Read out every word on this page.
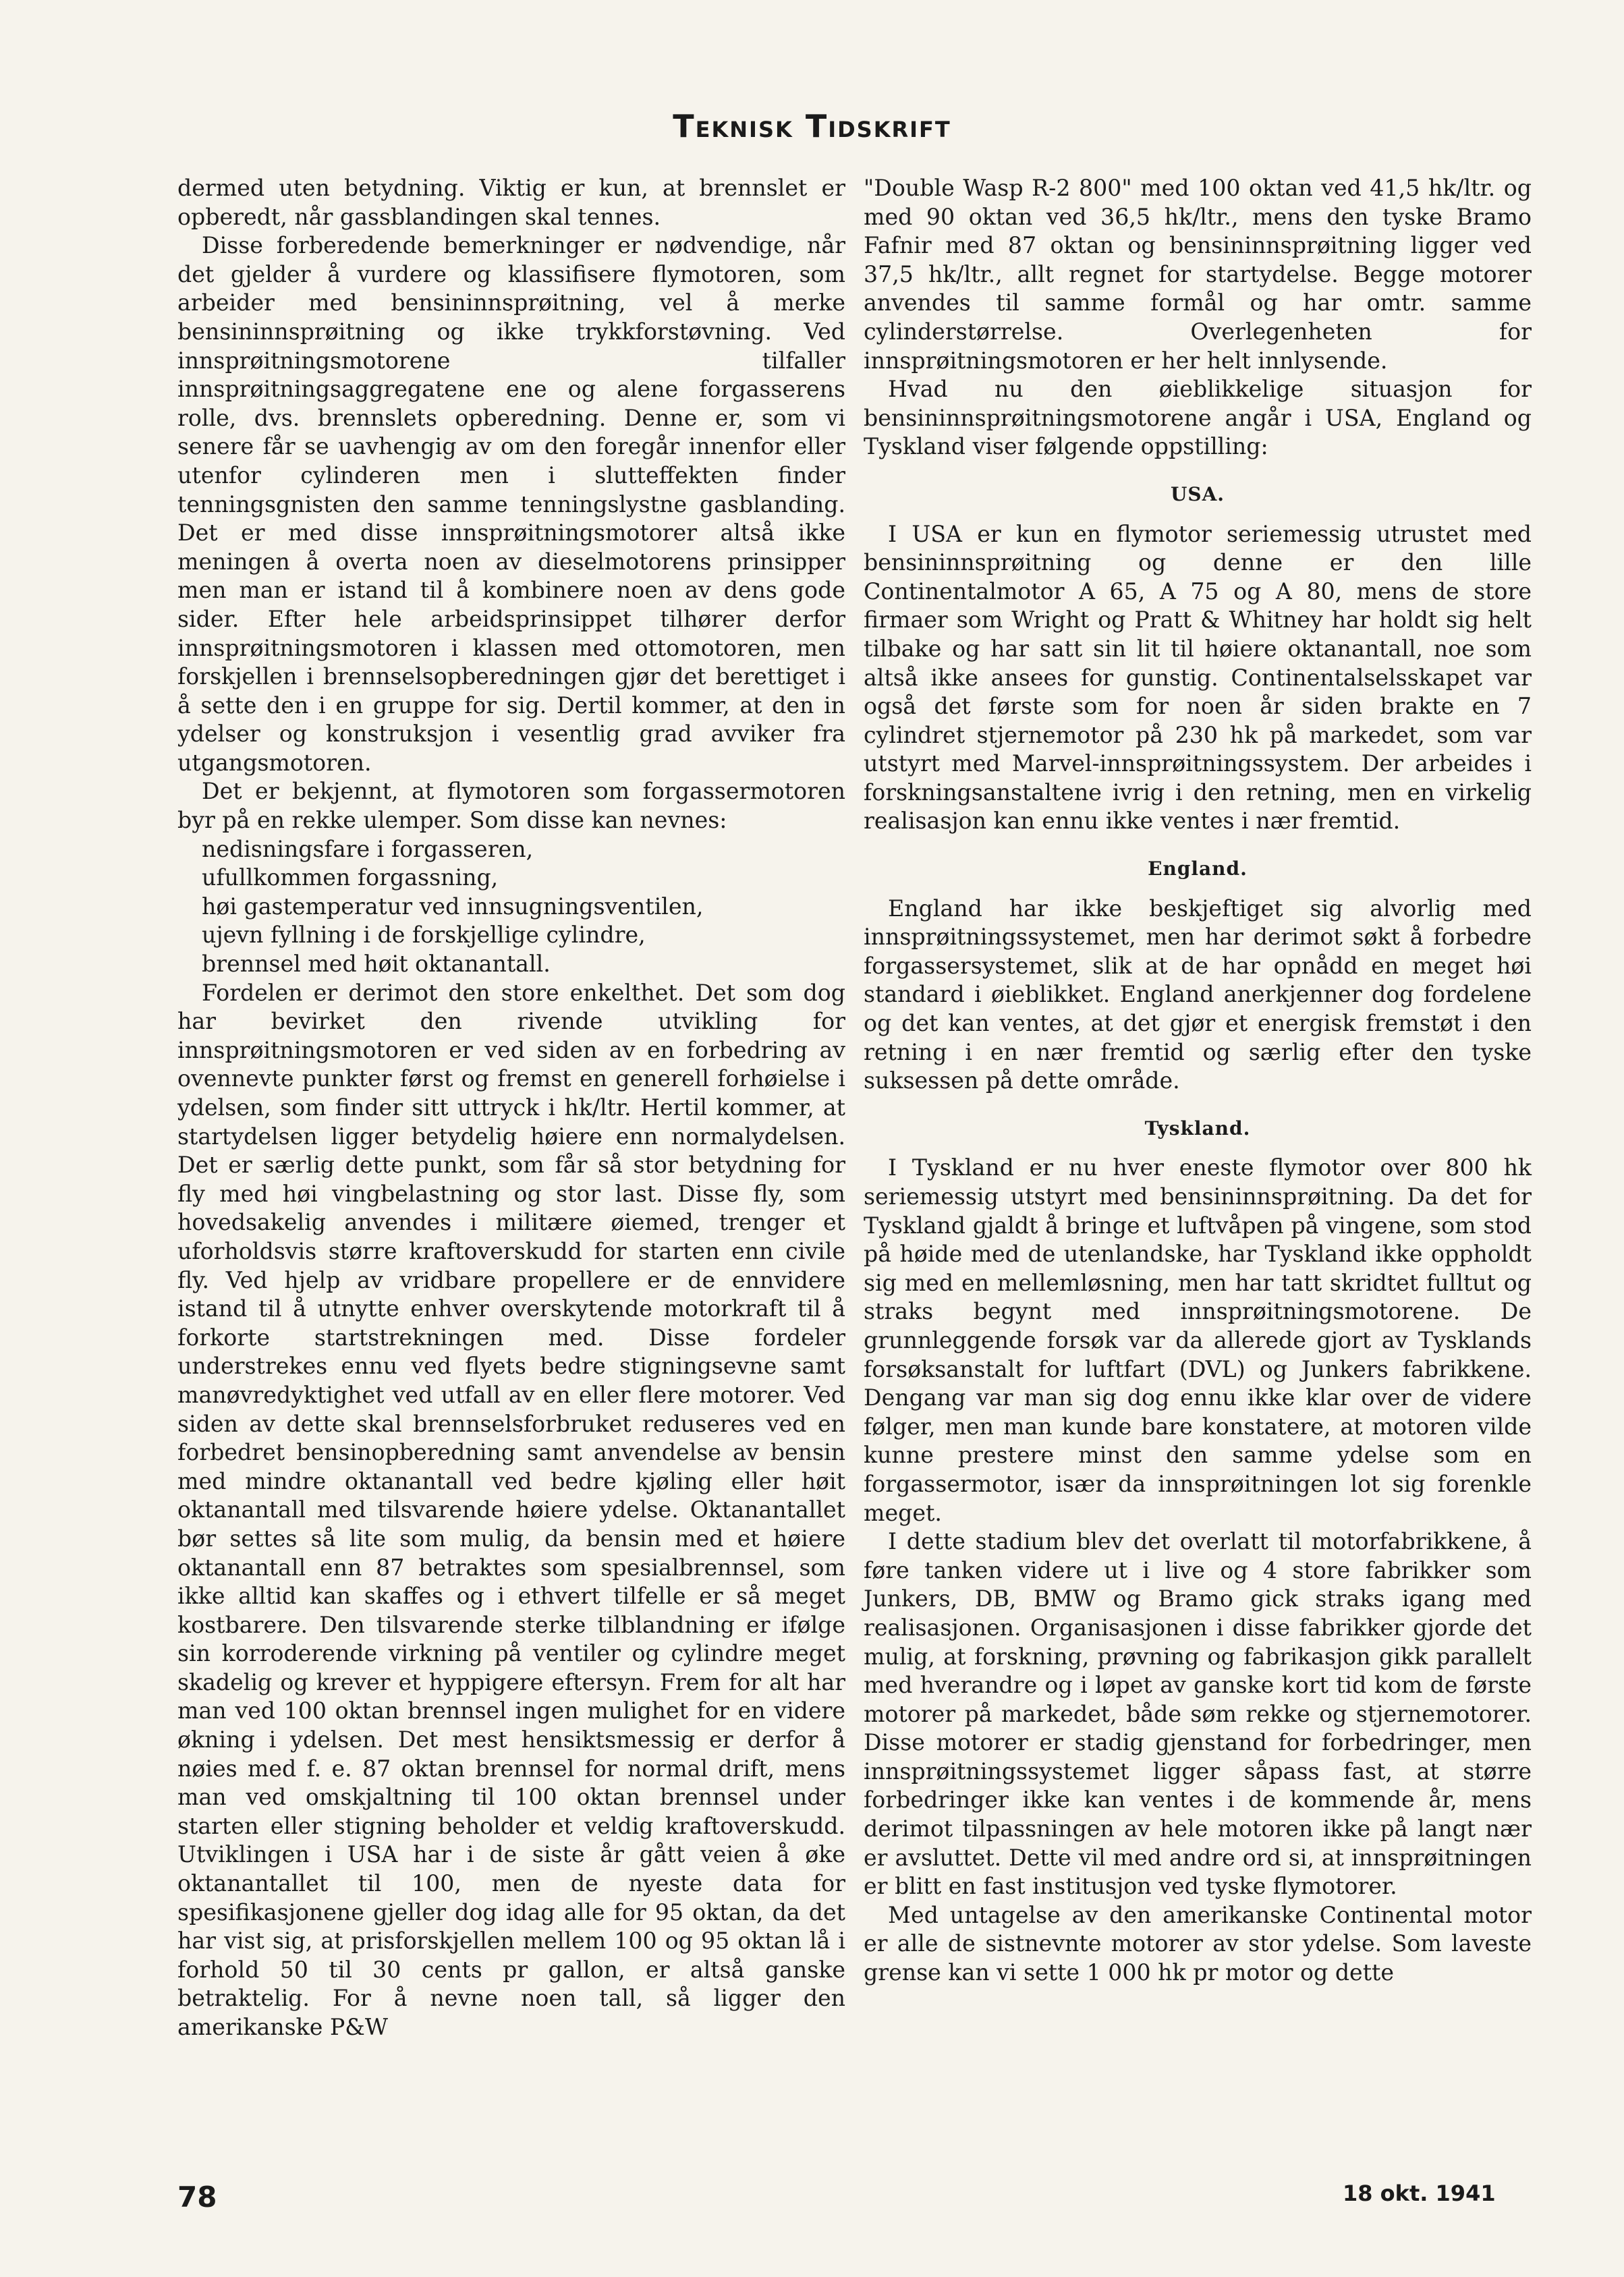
Teknisk Tidskrift

dermed uten betydning. Viktig er kun, at brennslet er opberedt, når gassblandingen skal tennes.

Disse forberedende bemerkninger er nødvendige, når det gjelder å vurdere og klassifisere flymotoren, som arbeider med bensininnsprøitning, vel å merke bensininnsprøitning og ikke trykkforstøvning. Ved innsprøitningsmotorene tilfaller innsprøitningsaggregatene ene og alene forgasserens rolle, dvs. brennslets opberedning. Denne er, som vi senere får se uavhengig av om den foregår innenfor eller utenfor cylinderen men i slutteffekten finder tenningsgnisten den samme tenningslystne gasblanding. Det er med disse innsprøitningsmotorer altså ikke meningen å overta noen av dieselmotorens prinsipper men man er istand til å kombinere noen av dens gode sider. Efter hele arbeidsprinsippet tilhører derfor innsprøitningsmotoren i klassen med ottomotoren, men forskjellen i brennselsopberedningen gjør det berettiget i å sette den i en gruppe for sig. Dertil kommer, at den in ydelser og konstruksjon i vesentlig grad avviker fra utgangsmotoren.

Det er bekjennt, at flymotoren som forgassermotoren byr på en rekke ulemper. Som disse kan nevnes:

nedisningsfare i forgasseren,
ufullkommen forgassning,
høi gastemperatur ved innsugningsventilen,
ujevn fyllning i de forskjellige cylindre,
brennsel med høit oktanantall.

Fordelen er derimot den store enkelthet. Det som dog har bevirket den rivende utvikling for innsprøitningsmotoren er ved siden av en forbedring av ovennevte punkter først og fremst en generell forhøielse i ydelsen, som finder sitt uttryck i hk/ltr. Hertil kommer, at startydelsen ligger betydelig høiere enn normalydelsen. Det er særlig dette punkt, som får så stor betydning for fly med høi vingbelastning og stor last. Disse fly, som hovedsakelig anvendes i militære øiemed, trenger et uforholdsvis større kraftoverskudd for starten enn civile fly. Ved hjelp av vridbare propellere er de ennvidere istand til å utnytte enhver overskytende motorkraft til å forkorte startstrekningen med. Disse fordeler understrekes ennu ved flyets bedre stigningsevne samt manøvredyktighet ved utfall av en eller flere motorer. Ved siden av dette skal brennselsforbruket reduseres ved en forbedret bensinopberedning samt anvendelse av bensin med mindre oktanantall ved bedre kjøling eller høit oktanantall med tilsvarende høiere ydelse. Oktanantallet bør settes så lite som mulig, da bensin med et høiere oktanantall enn 87 betraktes som spesialbrennsel, som ikke alltid kan skaffes og i ethvert tilfelle er så meget kostbarere. Den tilsvarende sterke tilblandning er ifølge sin korroderende virkning på ventiler og cylindre meget skadelig og krever et hyppigere eftersyn. Frem for alt har man ved 100 oktan brennsel ingen mulighet for en videre økning i ydelsen. Det mest hensiktsmessig er derfor å nøies med f. e. 87 oktan brennsel for normal drift, mens man ved omskjaltning til 100 oktan brennsel under starten eller stigning beholder et veldig kraftoverskudd. Utviklingen i USA har i de siste år gått veien å øke oktanantallet til 100, men de nyeste data for spesifikasjonene gjeller dog idag alle for 95 oktan, da det har vist sig, at prisforskjellen mellem 100 og 95 oktan lå i forhold 50 til 30 cents pr gallon, er altså ganske betraktelig. For å nevne noen tall, så ligger den amerikanske P&W

"Double Wasp R-2 800" med 100 oktan ved 41,5 hk/ltr. og med 90 oktan ved 36,5 hk/ltr., mens den tyske Bramo Fafnir med 87 oktan og bensininnsprøitning ligger ved 37,5 hk/ltr., allt regnet for startydelse. Begge motorer anvendes til samme formål og har omtr. samme cylinderstørrelse. Overlegenheten for innsprøitningsmotoren er her helt innlysende.

Hvad nu den øieblikkelige situasjon for bensininnsprøitningsmotorene angår i USA, England og Tyskland viser følgende oppstilling:

USA.

I USA er kun en flymotor seriemessig utrustet med bensininnsprøitning og denne er den lille Continentalmotor A 65, A 75 og A 80, mens de store firmaer som Wright og Pratt & Whitney har holdt sig helt tilbake og har satt sin lit til høiere oktanantall, noe som altså ikke ansees for gunstig. Continentalselsskapet var også det første som for noen år siden brakte en 7 cylindret stjernemotor på 230 hk på markedet, som var utstyrt med Marvel-innsprøitningssystem. Der arbeides i forskningsanstaltene ivrig i den retning, men en virkelig realisasjon kan ennu ikke ventes i nær fremtid.

England.

England har ikke beskjeftiget sig alvorlig med innsprøitningssystemet, men har derimot søkt å forbedre forgassersystemet, slik at de har opnådd en meget høi standard i øieblikket. England anerkjenner dog fordelene og det kan ventes, at det gjør et energisk fremstøt i den retning i en nær fremtid og særlig efter den tyske suksessen på dette område.

Tyskland.

I Tyskland er nu hver eneste flymotor over 800 hk seriemessig utstyrt med bensininnsprøitning. Da det for Tyskland gjaldt å bringe et luftvåpen på vingene, som stod på høide med de utenlandske, har Tyskland ikke oppholdt sig med en mellemløsning, men har tatt skridtet fulltut og straks begynt med innsprøitningsmotorene. De grunnleggende forsøk var da allerede gjort av Tysklands forsøksanstalt for luftfart (DVL) og Junkers fabrikkene. Dengang var man sig dog ennu ikke klar over de videre følger, men man kunde bare konstatere, at motoren vilde kunne prestere minst den samme ydelse som en forgassermotor, især da innsprøitningen lot sig forenkle meget.

I dette stadium blev det overlatt til motorfabrikkene, å føre tanken videre ut i live og 4 store fabrikker som Junkers, DB, BMW og Bramo gick straks igang med realisasjonen. Organisasjonen i disse fabrikker gjorde det mulig, at forskning, prøvning og fabrikasjon gikk parallelt med hverandre og i løpet av ganske kort tid kom de første motorer på markedet, både søm rekke og stjernemotorer. Disse motorer er stadig gjenstand for forbedringer, men innsprøitningssystemet ligger såpass fast, at større forbedringer ikke kan ventes i de kommende år, mens derimot tilpassningen av hele motoren ikke på langt nær er avsluttet. Dette vil med andre ord si, at innsprøitningen er blitt en fast institusjon ved tyske flymotorer.

Med untagelse av den amerikanske Continental motor er alle de sistnevnte motorer av stor ydelse. Som laveste grense kan vi sette 1 000 hk pr motor og dette

78	18 okt. 1941
